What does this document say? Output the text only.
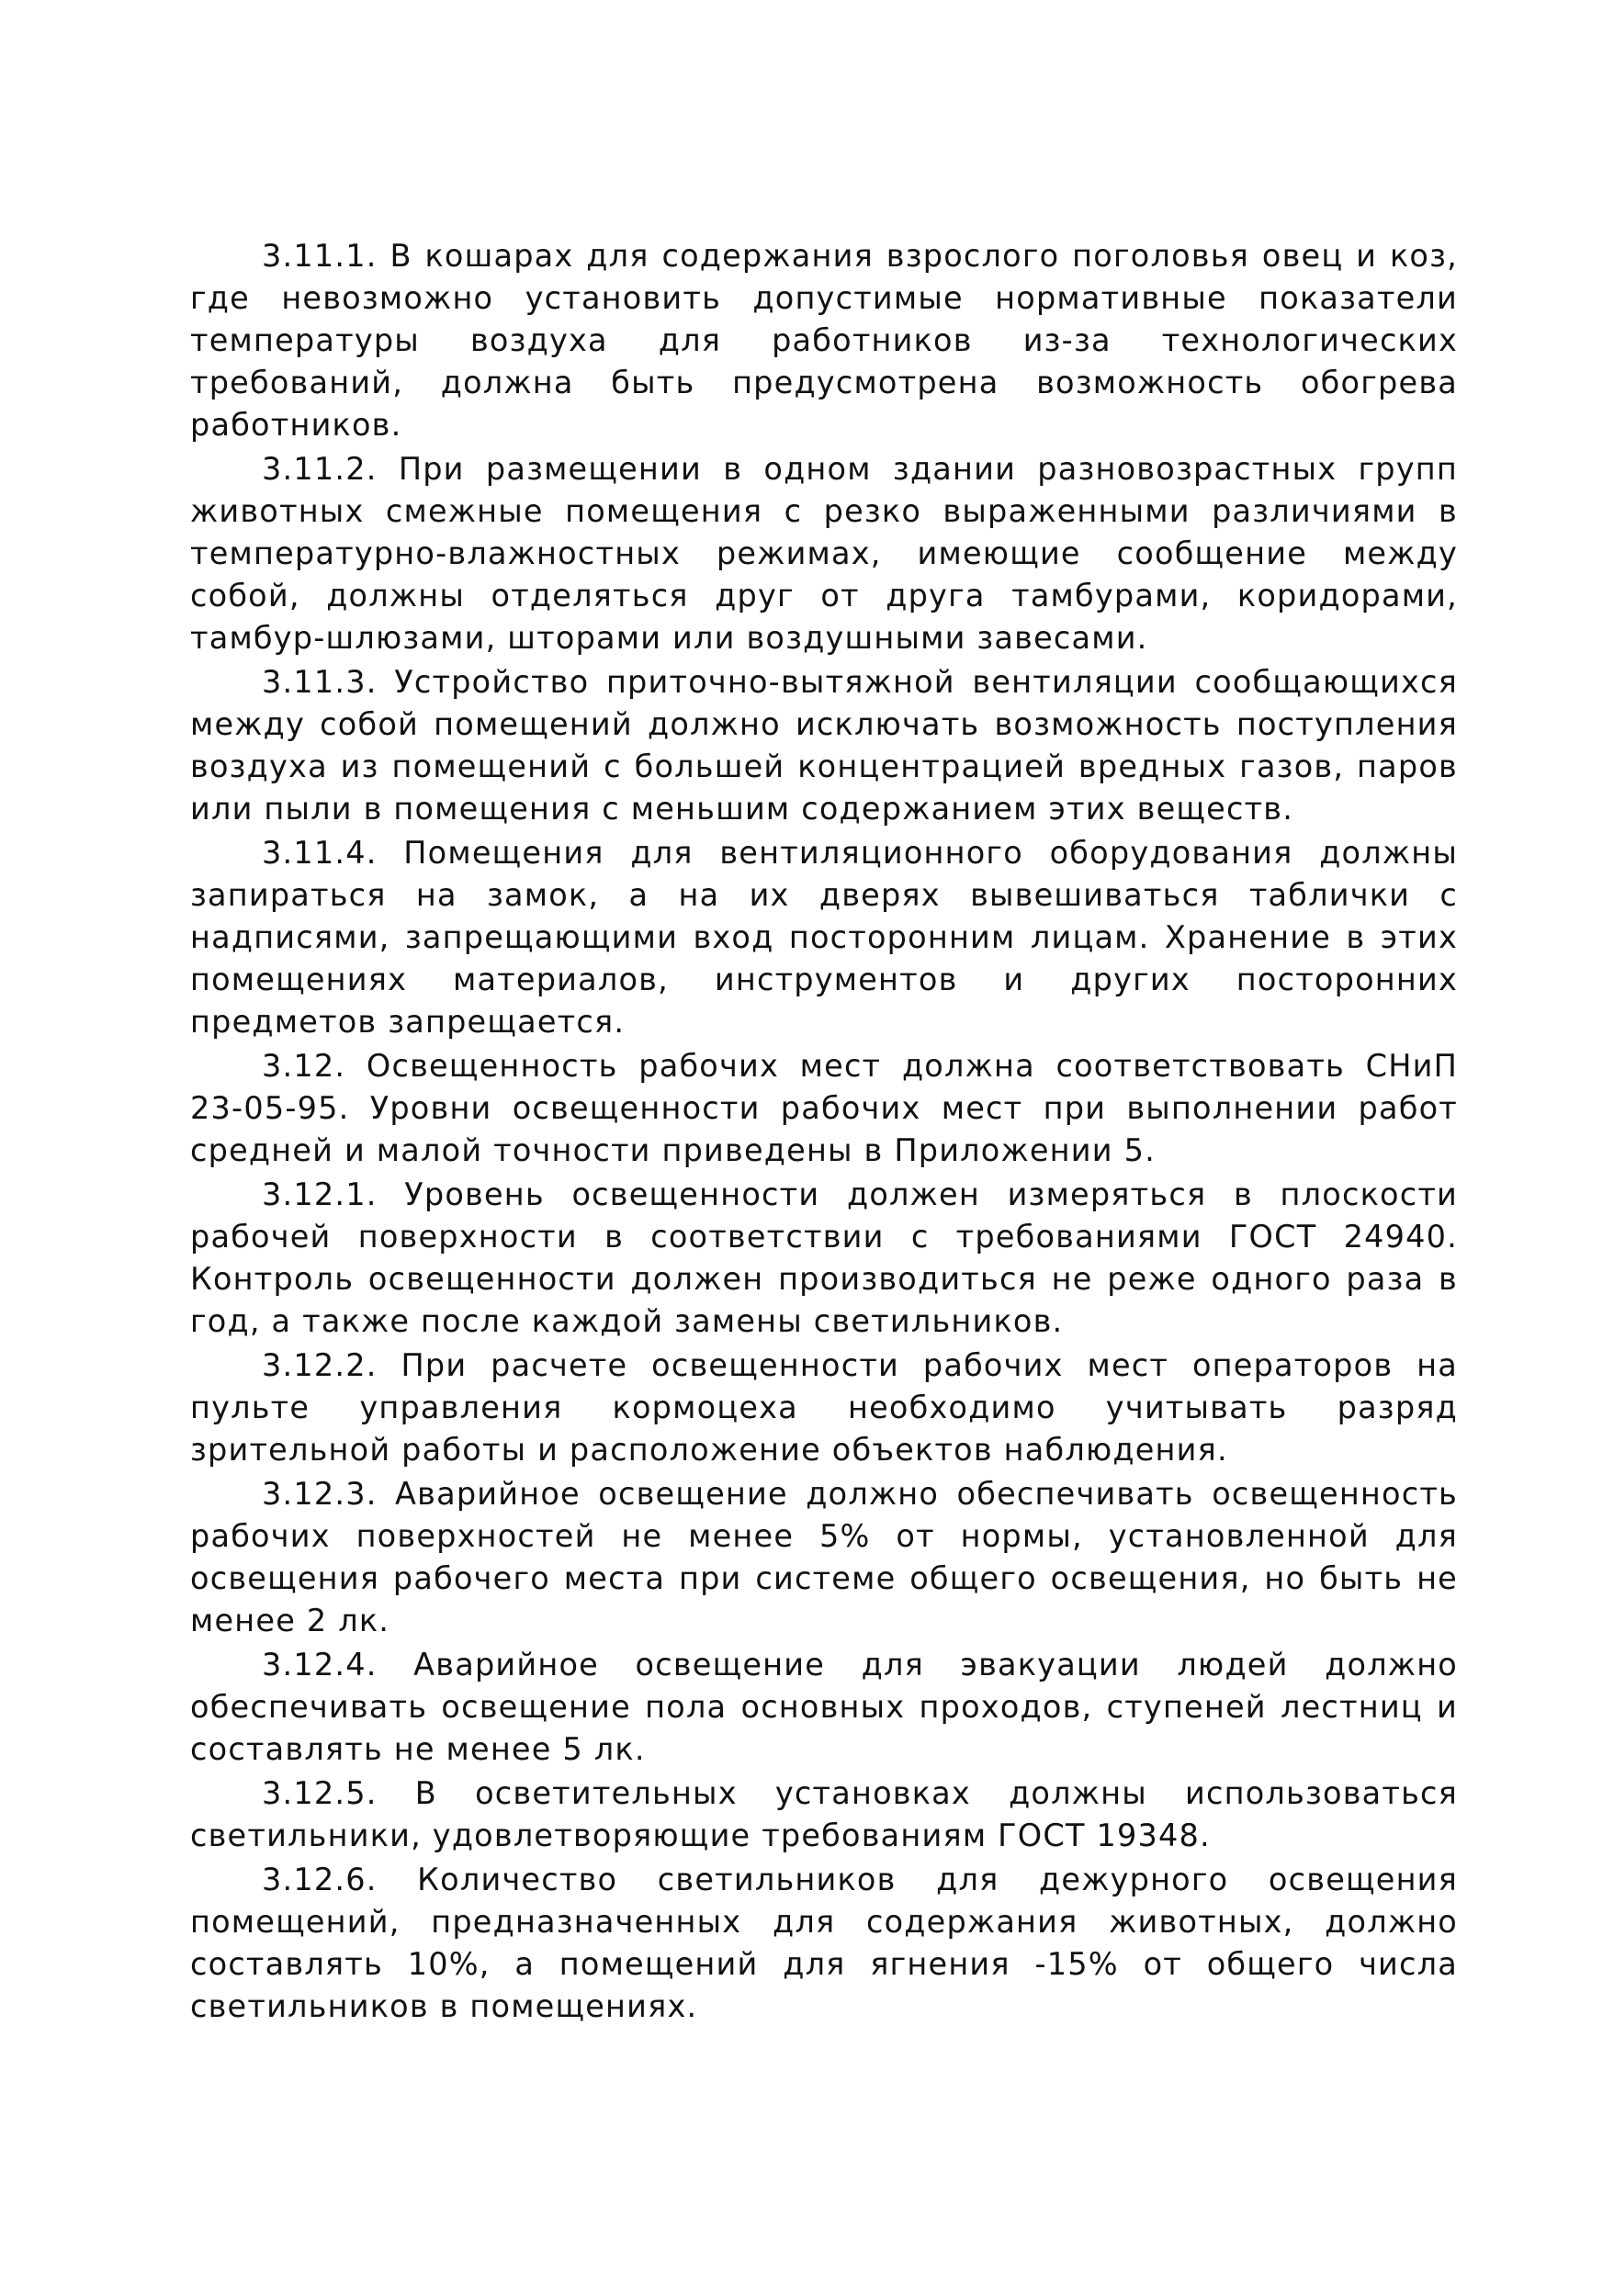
3.11.1. В кошарах для содержания взрослого поголовья овец и коз, где невозможно установить допустимые нормативные показатели температуры воздуха для работников из-за технологических требований, должна быть предусмотрена возможность обогрева работников.

3.11.2. При размещении в одном здании разновозрастных групп животных смежные помещения с резко выраженными различиями в температурно-влажностных режимах, имеющие сообщение между собой, должны отделяться друг от друга тамбурами, коридорами, тамбур-шлюзами, шторами или воздушными завесами.

3.11.3. Устройство приточно-вытяжной вентиляции сообщающихся между собой помещений должно исключать возможность поступления воздуха из помещений с большей концентрацией вредных газов, паров или пыли в помещения с меньшим содержанием этих веществ.

3.11.4. Помещения для вентиляционного оборудования должны запираться на замок, а на их дверях вывешиваться таблички с надписями, запрещающими вход посторонним лицам. Хранение в этих помещениях материалов, инструментов и других посторонних предметов запрещается.

3.12. Освещенность рабочих мест должна соответствовать СНиП 23-05-95. Уровни освещенности рабочих мест при выполнении работ средней и малой точности приведены в Приложении 5.

3.12.1. Уровень освещенности должен измеряться в плоскости рабочей поверхности в соответствии с требованиями ГОСТ 24940. Контроль освещенности должен производиться не реже одного раза в год, а также после каждой замены светильников.

3.12.2. При расчете освещенности рабочих мест операторов на пульте управления кормоцеха необходимо учитывать разряд зрительной работы и расположение объектов наблюдения.

3.12.3. Аварийное освещение должно обеспечивать освещенность рабочих поверхностей не менее 5% от нормы, установленной для освещения рабочего места при системе общего освещения, но быть не менее 2 лк.

3.12.4. Аварийное освещение для эвакуации людей должно обеспечивать освещение пола основных проходов, ступеней лестниц и составлять не менее 5 лк.

3.12.5. В осветительных установках должны использоваться светильники, удовлетворяющие требованиям ГОСТ 19348.

3.12.6. Количество светильников для дежурного освещения помещений, предназначенных для содержания животных, должно составлять 10%, а помещений для ягнения -15% от общего числа светильников в помещениях.
